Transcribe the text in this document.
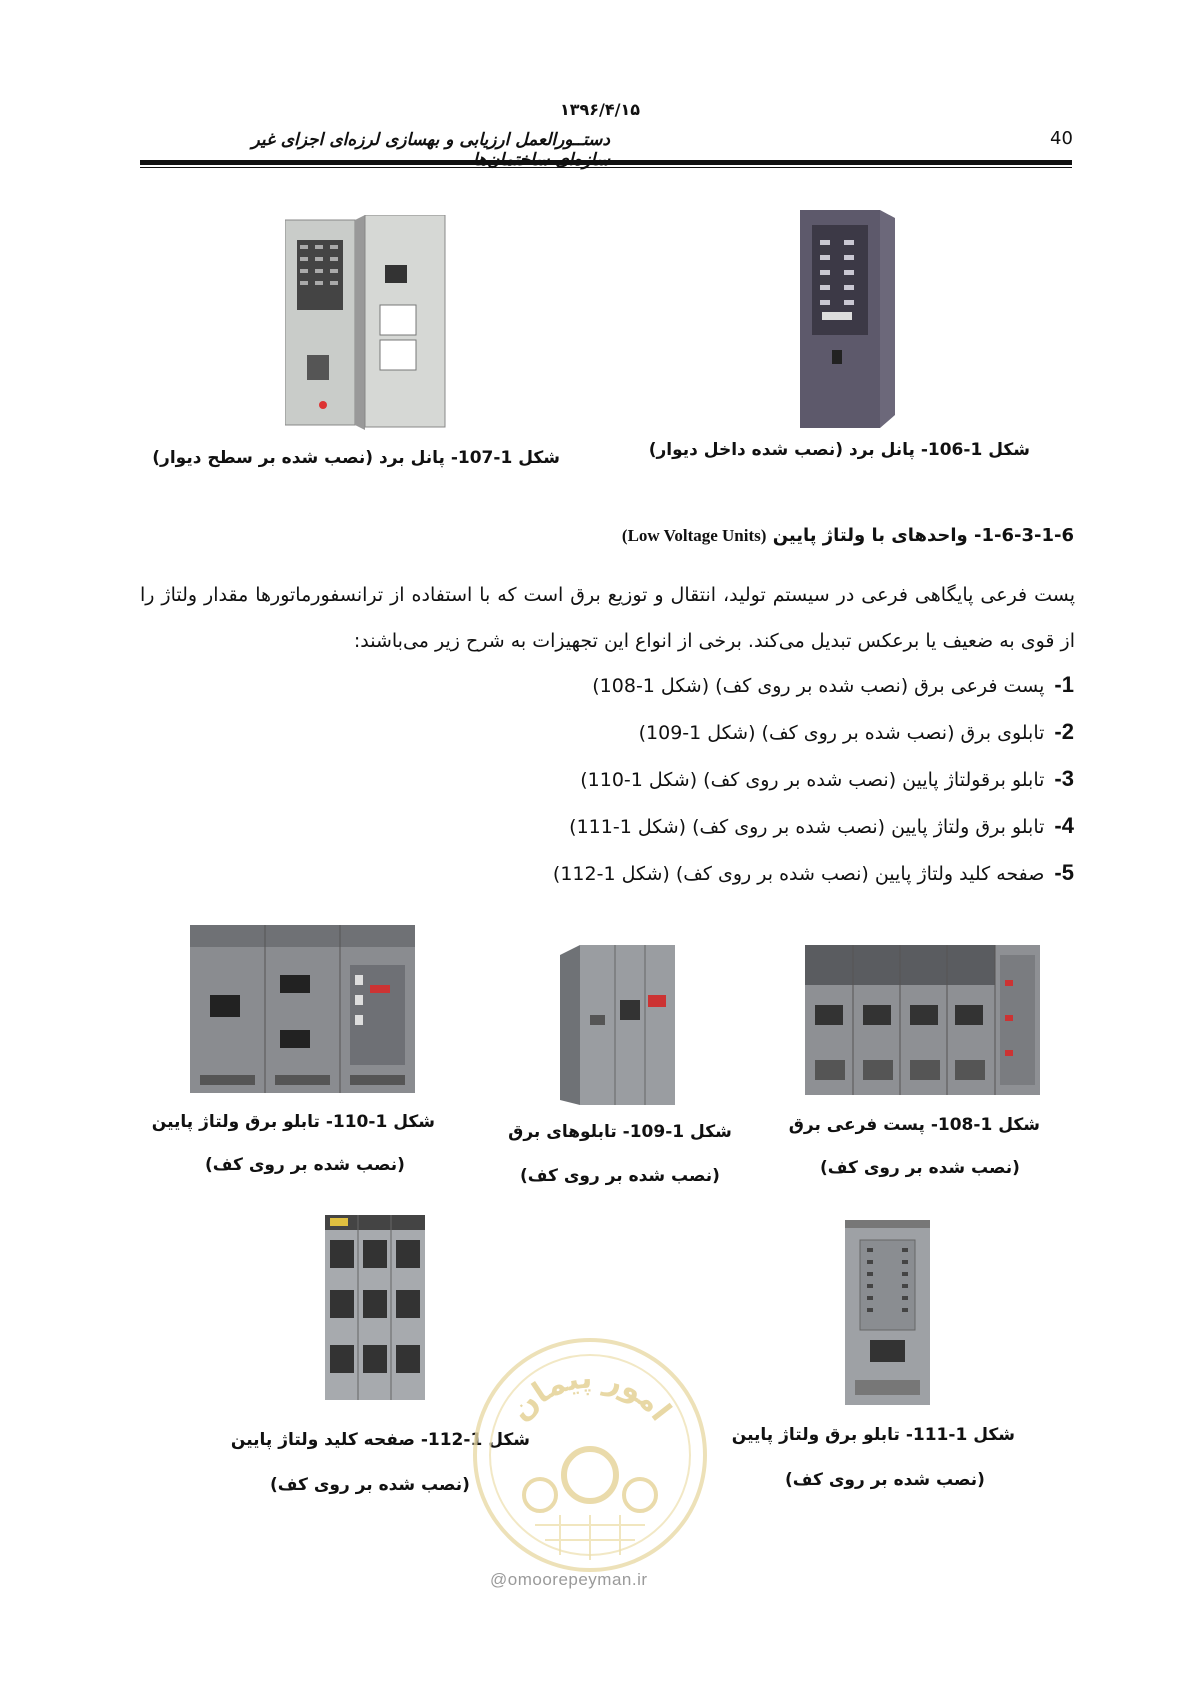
۱۳۹۶/۴/۱۵
دستــورالعمل ارزیابی و بهسازی لرزه‌ای اجزای غیر	40
شکل 1-107- پانل برد (نصب شده بر سطح دیوار)	شکل 1-106- پانل برد (نصب شده داخل دیوار)
1-6-3-1-6- واحدهای با ولتاژ پایین (Low Voltage Units)
پست فرعی پایگاهی فرعی در سیستم تولید، انتقال و توزیع برق است که با استفاده از ترانسفورماتورها مقدار ولتاژ را از قوی به ضعیف یا برعکس تبدیل می‌کند. برخی از انواع این تجهیزات به شرح زیر می‌باشند:
1-پست فرعی برق (نصب شده بر روی کف) (شکل 1-108)
2-تابلوی برق (نصب شده بر روی کف) (شکل 1-109)
3-تابلو برقولتاژ پایین (نصب شده بر روی کف) (شکل 1-110)
4-تابلو برق ولتاژ پایین (نصب شده بر روی کف) (شکل 1-111)
5-صفحه کلید ولتاژ پایین (نصب شده بر روی کف) (شکل 1-112)
شکل 1-110- تابلو برق ولتاژ پایین
(نصب شده بر روی کف)
شکل 1-109- تابلوهای برق
(نصب شده بر روی کف)
شکل 1-108- پست فرعی برق
(نصب شده بر روی کف)
شکل 1-112- صفحه کلید ولتاژ پایین
(نصب شده بر روی کف)
شکل 1-111- تابلو برق ولتاژ پایین
(نصب شده بر روی کف)
امور پیمان
@omoorepeyman.ir
